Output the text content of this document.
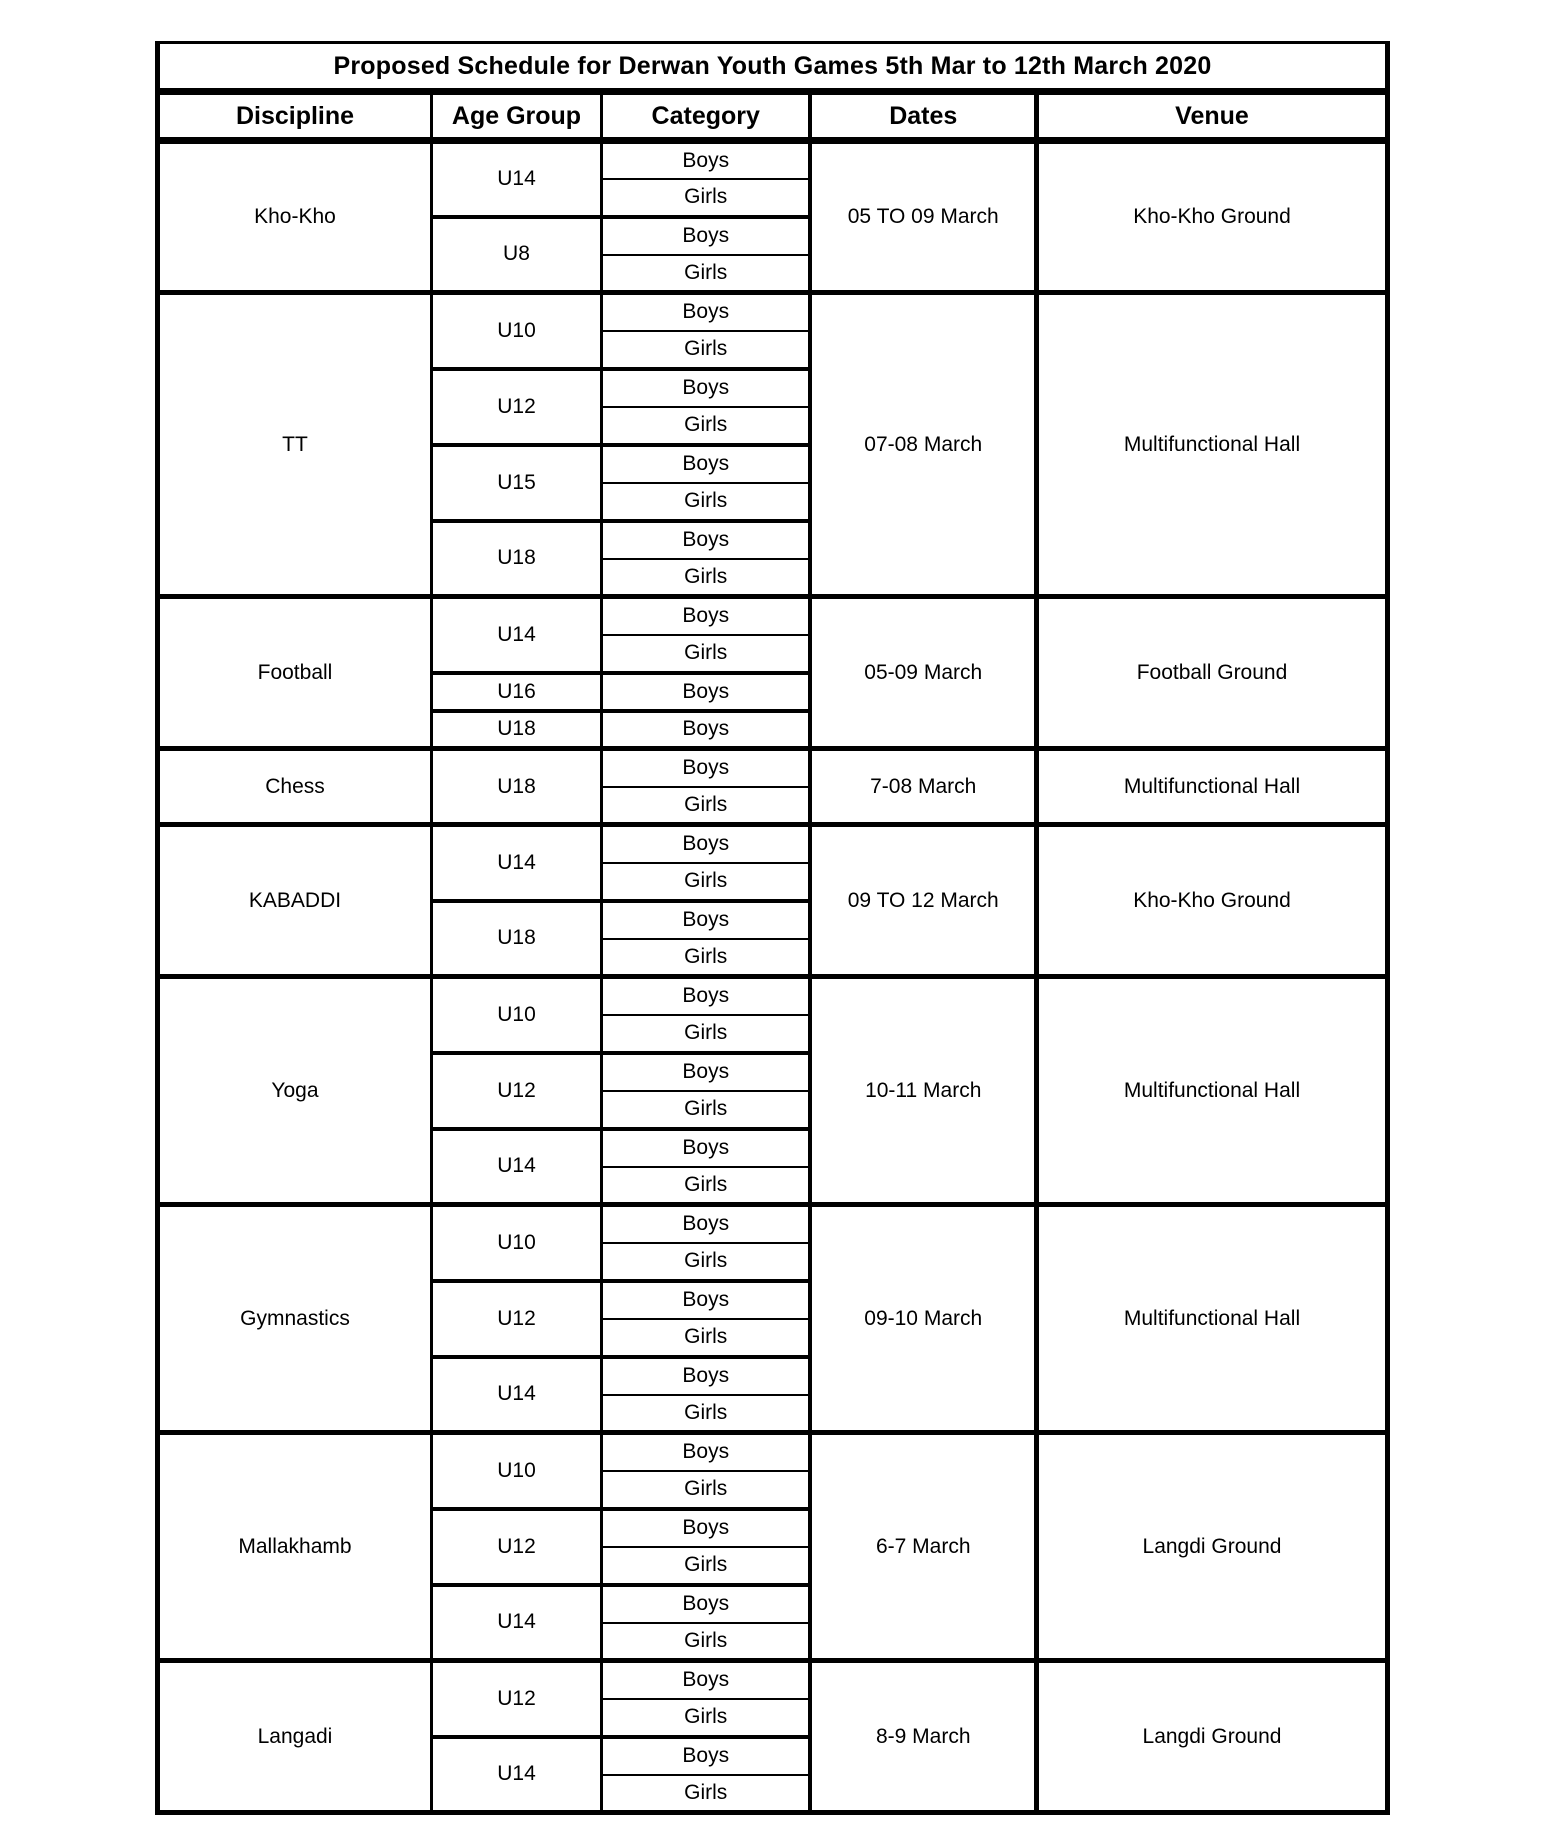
Proposed Schedule for Derwan Youth Games 5th Mar to 12th March 2020				
Discipline	Age Group	Category	Dates	Venue
Kho-Kho	U14	Boys	05 TO 09 March	Kho-Kho Ground
		Girls		
	U8	Boys		
		Girls		
TT	U10	Boys	07-08 March	Multifunctional Hall
		Girls		
	U12	Boys		
		Girls		
	U15	Boys		
		Girls		
	U18	Boys		
		Girls		
Football	U14	Boys	05-09 March	Football Ground
		Girls		
	U16	Boys		
	U18	Boys		
Chess	U18	Boys	7-08 March	Multifunctional Hall
		Girls		
KABADDI	U14	Boys	09 TO 12 March	Kho-Kho Ground
		Girls		
	U18	Boys		
		Girls		
Yoga	U10	Boys	10-11 March	Multifunctional Hall
		Girls		
	U12	Boys		
		Girls		
	U14	Boys		
		Girls		
Gymnastics	U10	Boys	09-10 March	Multifunctional Hall
		Girls		
	U12	Boys		
		Girls		
	U14	Boys		
		Girls		
Mallakhamb	U10	Boys	6-7 March	Langdi Ground
		Girls		
	U12	Boys		
		Girls		
	U14	Boys		
		Girls		
Langadi	U12	Boys	8-9 March	Langdi Ground
		Girls		
	U14	Boys		
		Girls		
